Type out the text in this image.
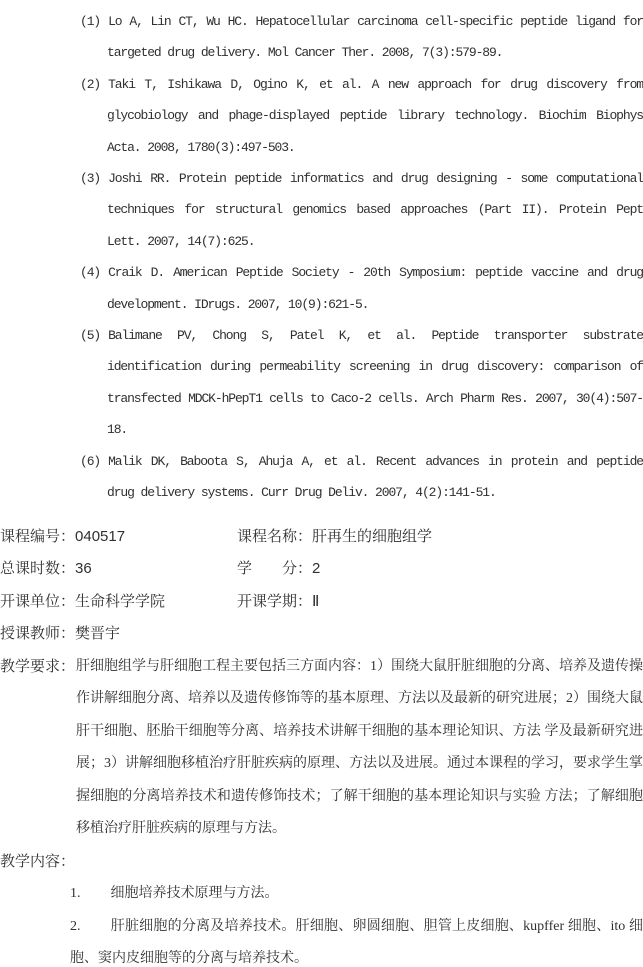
(1) Lo A, Lin CT, Wu HC. Hepatocellular carcinoma cell-specific peptide ligand for targeted drug delivery. Mol Cancer Ther. 2008, 7(3):579-89.
(2) Taki T, Ishikawa D, Ogino K, et al. A new approach for drug discovery from glycobiology and phage-displayed peptide library technology. Biochim Biophys Acta. 2008, 1780(3):497-503.
(3) Joshi RR. Protein peptide informatics and drug designing - some computational techniques for structural genomics based approaches (Part II). Protein Pept Lett. 2007, 14(7):625.
(4) Craik D. American Peptide Society - 20th Symposium: peptide vaccine and drug development. IDrugs. 2007, 10(9):621-5.
(5) Balimane PV, Chong S, Patel K, et al. Peptide transporter substrate identification during permeability screening in drug discovery: comparison of transfected MDCK-hPepT1 cells to Caco-2 cells. Arch Pharm Res. 2007, 30(4):507-18.
(6) Malik DK, Baboota S, Ahuja A, et al. Recent advances in protein and peptide drug delivery systems. Curr Drug Deliv. 2007, 4(2):141-51.
课程编号：040517	课程名称：肝再生的细胞组学
总课时数：36	学　　分：2
开课单位：生命科学学院	开课学期：Ⅱ
授课教师：樊晋宇
教学要求： 肝细胞组学与肝细胞工程主要包括三方面内容：1）围绕大鼠肝脏细胞的分离、培养及遗传操作讲解细胞分离、培养以及遗传修饰等的基本原理、方法以及最新的研究进展；2）围绕大鼠肝干细胞、胚胎干细胞等分离、培养技术讲解干细胞的基本理论知识、方法 学及最新研究进展；3）讲解细胞移植治疗肝脏疾病的原理、方法以及进展。通过本课程的学习，要求学生掌握细胞的分离培养技术和遗传修饰技术；了解干细胞的基本理论知识与实验 方法；了解细胞移植治疗肝脏疾病的原理与方法。
教学内容：
1. 细胞培养技术原理与方法。
2. 肝脏细胞的分离及培养技术。肝细胞、卵圆细胞、胆管上皮细胞、kupffer 细胞、ito 细胞、窦内皮细胞等的分离与培养技术。
